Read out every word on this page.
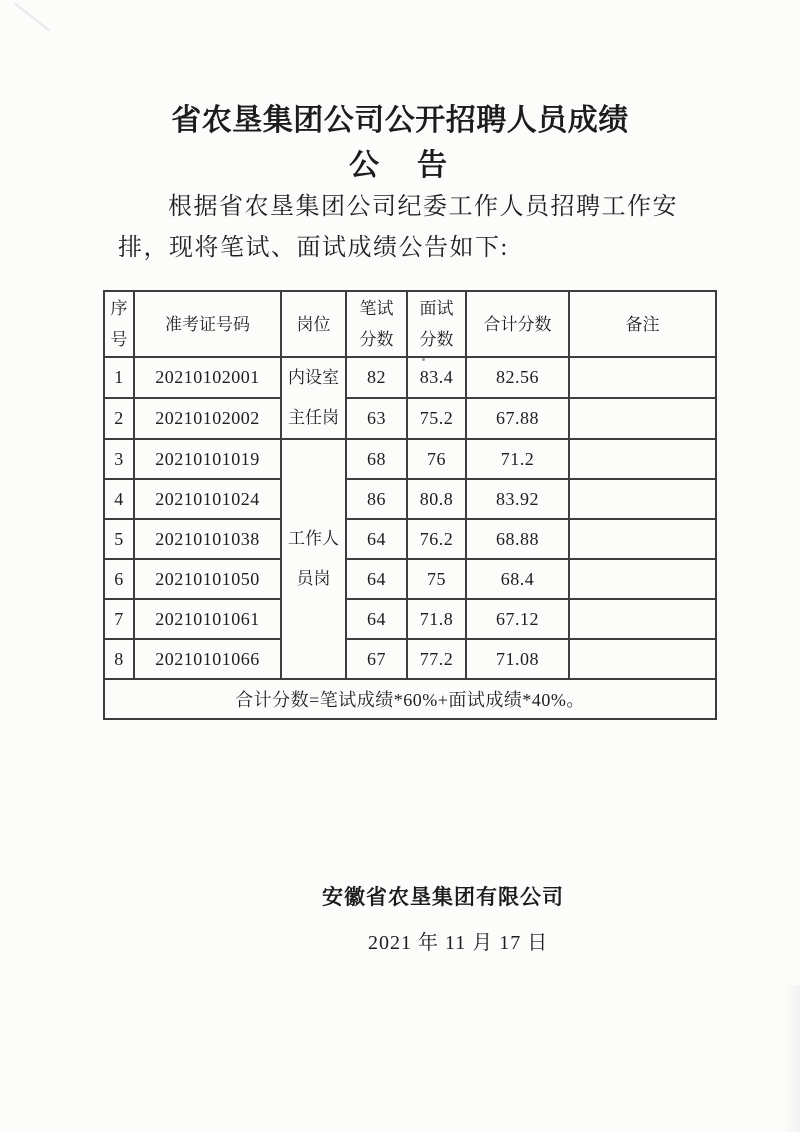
省农垦集团公司公开招聘人员成绩
公　告
根据省农垦集团公司纪委工作人员招聘工作安
排，现将笔试、面试成绩公告如下:
序号	准考证号码	岗位	笔试分数	面试分数	合计分数	备注
1	20210102001	内设室主任岗	82	83.4	82.56	
2	20210102002		63	75.2	67.88	
3	20210101019	工作人员岗	68	76	71.2	
4	20210101024		86	80.8	83.92	
5	20210101038		64	76.2	68.88	
6	20210101050		64	75	68.4	
7	20210101061		64	71.8	67.12	
8	20210101066		67	77.2	71.08	
合计分数=笔试成绩*60%+面试成绩*40%。						
安徽省农垦集团有限公司
2021 年 11 月 17 日
